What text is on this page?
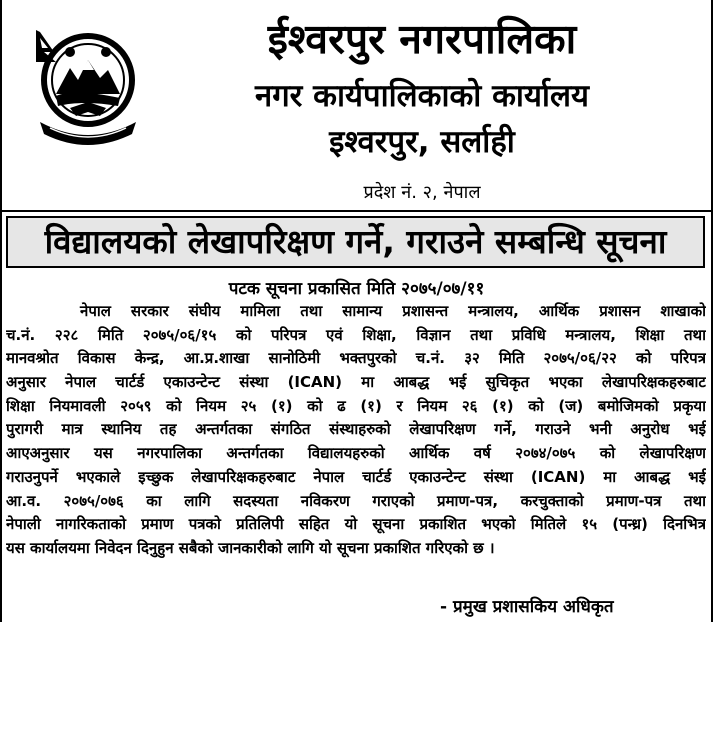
ईश्वरपुर नगरपालिका
नगर कार्यपालिकाको कार्यालय
इश्वरपुर, सर्लाही
प्रदेश नं. २, नेपाल
विद्यालयको लेखापरिक्षण गर्ने, गराउने सम्बन्धि सूचना
पटक सूचना प्रकासित मिति २०७५/०७/११
नेपाल सरकार संघीय मामिला तथा सामान्य प्रशासन्त मन्त्रालय, आर्थिक प्रशासन शाखाको
च.नं. २२८ मिति २०७५/०६/१५ को परिपत्र एवं शिक्षा, विज्ञान तथा प्रविधि मन्त्रालय, शिक्षा तथा
मानवश्रोत विकास केन्द्र, आ.प्र.शाखा सानोठिमी भक्तपुरको च.नं. ३२ मिति २०७५/०६/२२ को परिपत्र
अनुसार नेपाल चार्टर्ड एकाउन्टेन्ट संस्था (ICAN) मा आबद्ध भई सुचिकृत भएका लेखापरिक्षकहरुबाट
शिक्षा नियमावली २०५९ को नियम २५ (१) को ढ (१) र नियम २६ (१) को (ज) बमोजिमको प्रकृया
पुरागरी मात्र स्थानिय तह अन्तर्गतका संगठित संस्थाहरुको लेखापरिक्षण गर्ने, गराउने भनी अनुरोध भई
आएअनुसार यस नगरपालिका अन्तर्गतका विद्यालयहरुको आर्थिक वर्ष २०७४/०७५ को लेखापरिक्षण
गराउनुपर्ने भएकाले इच्छुक लेखापरिक्षकहरुबाट नेपाल चार्टर्ड एकाउन्टेन्ट संस्था (ICAN) मा आबद्ध भई
आ.व. २०७५/०७६ का लागि सदस्यता नविकरण गराएको प्रमाण-पत्र, करचुक्ताको प्रमाण-पत्र तथा
नेपाली नागरिकताको प्रमाण पत्रको प्रतिलिपी सहित यो सूचना प्रकाशित भएको मितिले १५ (पन्ध्र) दिनभित्र
यस कार्यालयमा निवेदन दिनुहुन सबैको जानकारीको लागि यो सूचना प्रकाशित गरिएको छ ।
- प्रमुख प्रशासकिय अधिकृत
